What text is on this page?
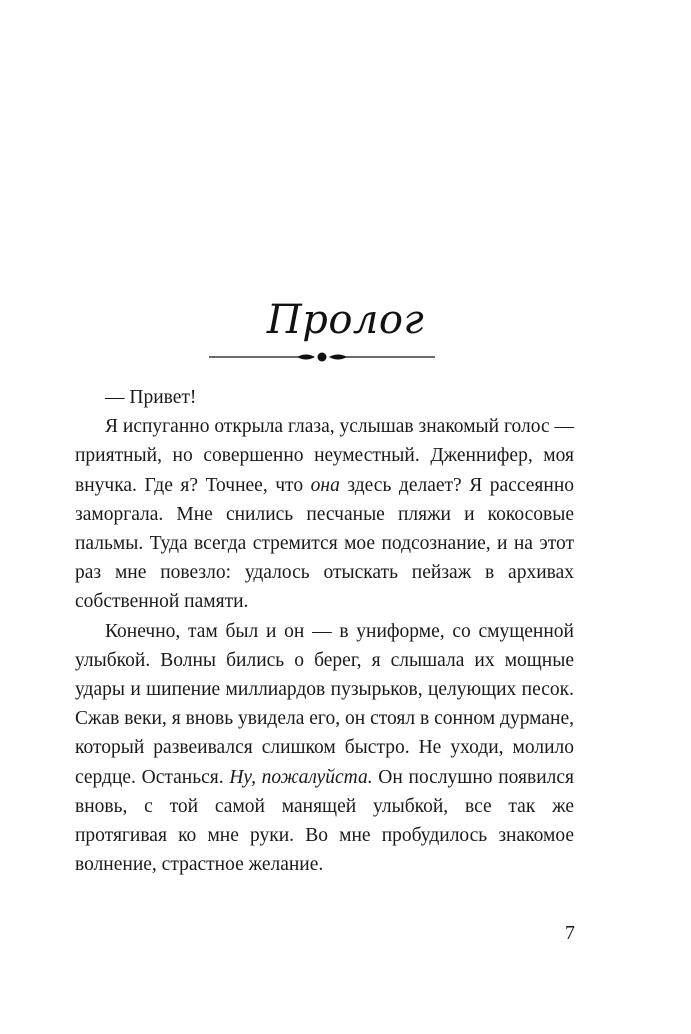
Пролог

— Привет!

Я испуганно открыла глаза, услышав знакомый голос — приятный, но совершенно неуместный. Дженнифер, моя внучка. Где я? Точнее, что она здесь делает? Я рассеянно заморгала. Мне снились песчаные пляжи и кокосовые пальмы. Туда всегда стремится мое подсознание, и на этот раз мне повезло: удалось отыскать пейзаж в архивах собственной памяти.

Конечно, там был и он — в униформе, со смущенной улыбкой. Волны бились о берег, я слышала их мощные удары и шипение миллиардов пузырьков, целующих песок. Сжав веки, я вновь увидела его, он стоял в сонном дурмане, который развеивался слишком быстро. Не уходи, молило сердце. Останься. Ну, пожалуйста. Он послушно появился вновь, с той самой манящей улыбкой, все так же протягивая ко мне руки. Во мне пробудилось знакомое волнение, страстное желание.

7
